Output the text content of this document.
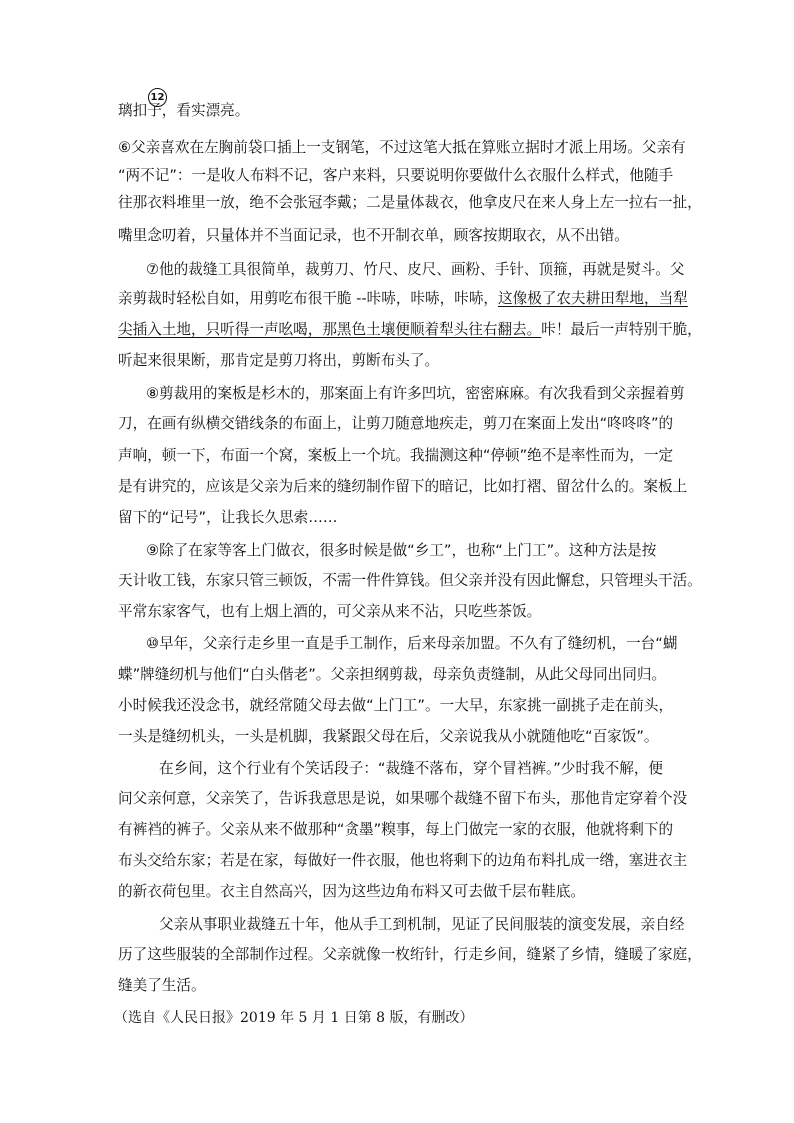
12
璃扣子，看实漂亮。
⑥父亲喜欢在左胸前袋口插上一支钢笔，不过这笔大抵在算账立据时才派上用场。父亲有
“两不记”：一是收人布料不记，客户来料，只要说明你要做什么衣服什么样式，他随手
往那衣料堆里一放，绝不会张冠李戴；二是量体裁衣，他拿皮尺在来人身上左一拉右一扯，
嘴里念叨着，只量体并不当面记录，也不开制衣单，顾客按期取衣，从不出错。
⑦他的裁缝工具很简单，裁剪刀、竹尺、皮尺、画粉、手针、顶箍，再就是熨斗。父
亲剪裁时轻松自如，用剪吃布很干脆 --咔哧，咔哧，咔哧，这像极了农夫耕田犁地，当犁
尖插入土地，只听得一声吆喝，那黑色土壤便顺着犁头往右翻去。咔！最后一声特别干脆，
听起来很果断，那肯定是剪刀将出，剪断布头了。
⑧剪裁用的案板是杉木的，那案面上有许多凹坑，密密麻麻。有次我看到父亲握着剪
刀，在画有纵横交错线条的布面上，让剪刀随意地疾走，剪刀在案面上发出“咚咚咚”的
声响，顿一下，布面一个窝，案板上一个坑。我揣测这种“停顿”绝不是率性而为，一定
是有讲究的，应该是父亲为后来的缝纫制作留下的暗记，比如打褶、留岔什么的。案板上
留下的“记号”，让我长久思索……
⑨除了在家等客上门做衣，很多时候是做“乡工”，也称“上门工”。这种方法是按
天计收工钱，东家只管三顿饭，不需一件件算钱。但父亲并没有因此懈怠，只管埋头干活。
平常东家客气，也有上烟上酒的，可父亲从来不沾，只吃些茶饭。
⑩早年，父亲行走乡里一直是手工制作，后来母亲加盟。不久有了缝纫机，一台“蝴
蝶”牌缝纫机与他们“白头偕老”。父亲担纲剪裁，母亲负责缝制，从此父母同出同归。
小时候我还没念书，就经常随父母去做“上门工”。一大早，东家挑一副挑子走在前头，
一头是缝纫机头，一头是机脚，我紧跟父母在后，父亲说我从小就随他吃“百家饭”。
在乡间，这个行业有个笑话段子：“裁缝不落布，穿个冒裆裤。”少时我不解，便
问父亲何意，父亲笑了，告诉我意思是说，如果哪个裁缝不留下布头，那他肯定穿着个没
有裤裆的裤子。父亲从来不做那种“贪墨”糗事，每上门做完一家的衣服，他就将剩下的
布头交给东家；若是在家，每做好一件衣服，他也将剩下的边角布料扎成一绺，塞进衣主
的新衣荷包里。衣主自然高兴，因为这些边角布料又可去做千层布鞋底。
父亲从事职业裁缝五十年，他从手工到机制，见证了民间服装的演变发展，亲自经
历了这些服装的全部制作过程。父亲就像一枚绗针，行走乡间，缝紧了乡情，缝暖了家庭，
缝美了生活。
（选自《人民日报》2019 年 5 月 1 日第 8 版，有删改）
